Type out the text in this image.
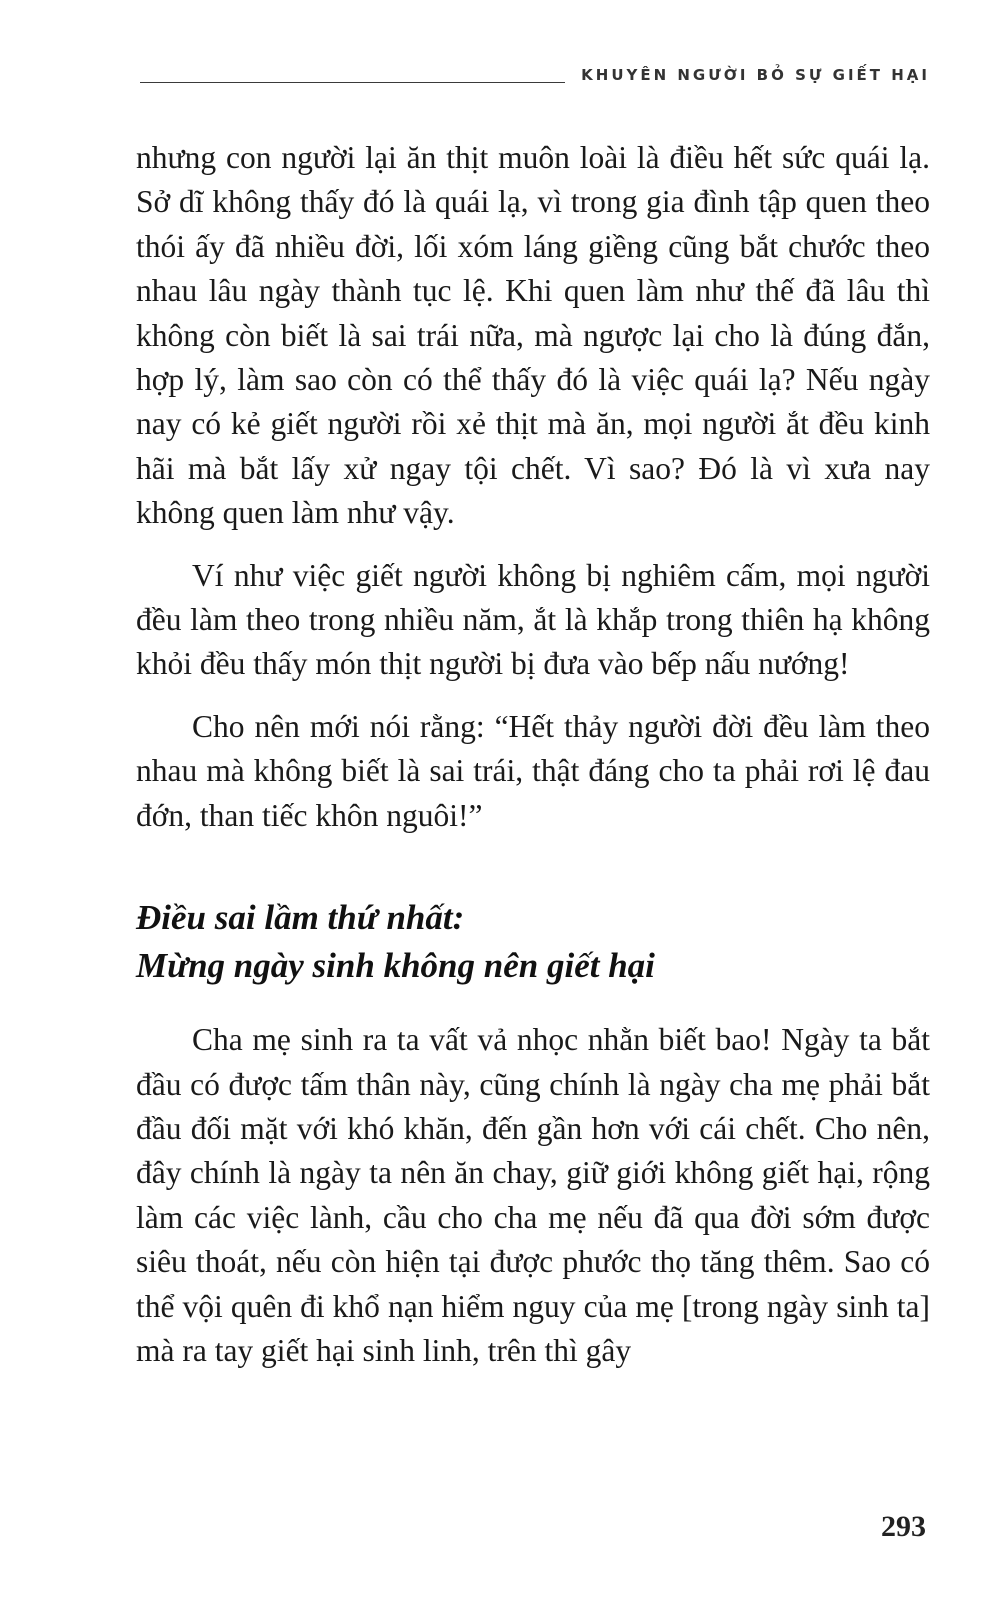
KHUYÊN NGƯỜI BỎ SỰ GIẾT HẠI

nhưng con người lại ăn thịt muôn loài là điều hết sức quái lạ. Sở dĩ không thấy đó là quái lạ, vì trong gia đình tập quen theo thói ấy đã nhiều đời, lối xóm láng giềng cũng bắt chước theo nhau lâu ngày thành tục lệ. Khi quen làm như thế đã lâu thì không còn biết là sai trái nữa, mà ngược lại cho là đúng đắn, hợp lý, làm sao còn có thể thấy đó là việc quái lạ? Nếu ngày nay có kẻ giết người rồi xẻ thịt mà ăn, mọi người ắt đều kinh hãi mà bắt lấy xử ngay tội chết. Vì sao? Đó là vì xưa nay không quen làm như vậy.

Ví như việc giết người không bị nghiêm cấm, mọi người đều làm theo trong nhiều năm, ắt là khắp trong thiên hạ không khỏi đều thấy món thịt người bị đưa vào bếp nấu nướng!

Cho nên mới nói rằng: “Hết thảy người đời đều làm theo nhau mà không biết là sai trái, thật đáng cho ta phải rơi lệ đau đớn, than tiếc khôn nguôi!”

Điều sai lầm thứ nhất:
Mừng ngày sinh không nên giết hại

Cha mẹ sinh ra ta vất vả nhọc nhằn biết bao! Ngày ta bắt đầu có được tấm thân này, cũng chính là ngày cha mẹ phải bắt đầu đối mặt với khó khăn, đến gần hơn với cái chết. Cho nên, đây chính là ngày ta nên ăn chay, giữ giới không giết hại, rộng làm các việc lành, cầu cho cha mẹ nếu đã qua đời sớm được siêu thoát, nếu còn hiện tại được phước thọ tăng thêm. Sao có thể vội quên đi khổ nạn hiểm nguy của mẹ [trong ngày sinh ta] mà ra tay giết hại sinh linh, trên thì gây

293
